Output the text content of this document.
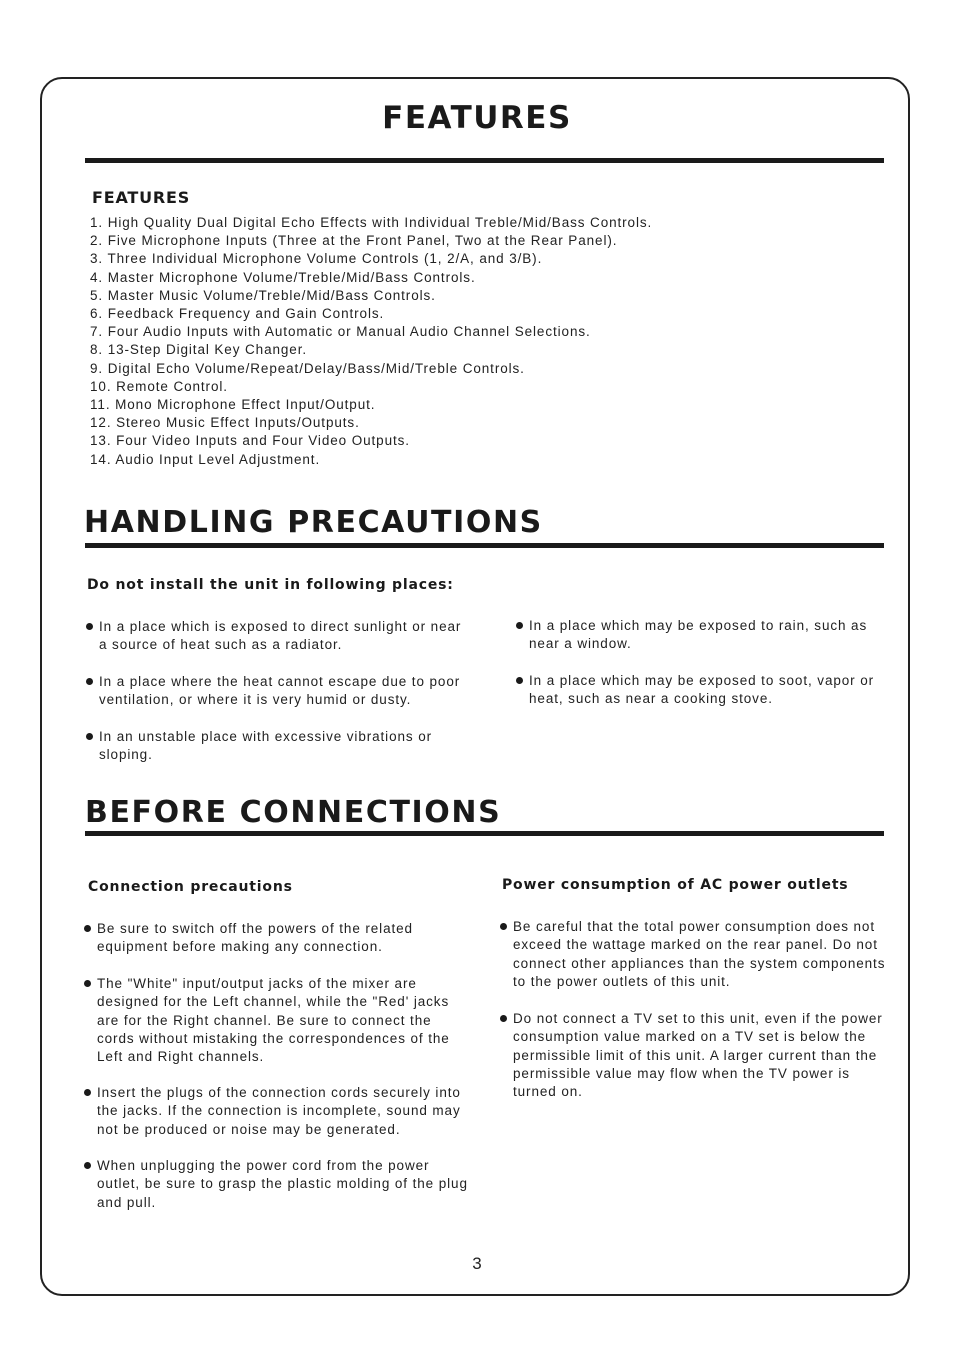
FEATURES
FEATURES
1. High Quality Dual Digital Echo Effects with Individual Treble/Mid/Bass Controls.
2. Five Microphone Inputs (Three at the Front Panel, Two at the Rear Panel).
3. Three Individual Microphone Volume Controls (1, 2/A, and 3/B).
4. Master Microphone Volume/Treble/Mid/Bass Controls.
5. Master Music Volume/Treble/Mid/Bass Controls.
6. Feedback Frequency and Gain Controls.
7. Four Audio Inputs with Automatic or Manual Audio Channel Selections.
8. 13-Step Digital Key Changer.
9. Digital Echo Volume/Repeat/Delay/Bass/Mid/Treble Controls.
10. Remote Control.
11. Mono Microphone Effect Input/Output.
12. Stereo Music Effect Inputs/Outputs.
13. Four Video Inputs and Four Video Outputs.
14. Audio Input Level Adjustment.
HANDLING PRECAUTIONS
Do not install the unit in following places:
In a place which is exposed to direct sunlight or near a source of heat such as a radiator.
In a place where the heat cannot escape due to poor ventilation, or where it is very humid or dusty.
In an unstable place with excessive vibrations or sloping.
In a place which may be exposed to rain, such as near a window.
In a place which may be exposed to soot, vapor or heat, such as near a cooking stove.
BEFORE CONNECTIONS
Connection precautions	Power consumption of AC power outlets
Be sure to switch off the powers of the related equipment before making any connection.
The "White" input/output jacks of the mixer are designed for the Left channel, while the "Red' jacks are for the Right channel. Be sure to connect the cords without mistaking the correspondences of the Left and Right channels.
Insert the plugs of the connection cords securely into the jacks. If the connection is incomplete, sound may not be produced or noise may be generated.
When unplugging the power cord from the power outlet, be sure to grasp the plastic molding of the plug and pull.
Be careful that the total power consumption does not exceed the wattage marked on the rear panel. Do not connect other appliances than the system components to the power outlets of this unit.
Do not connect a TV set to this unit, even if the power consumption value marked on a TV set is below the permissible limit of this unit. A larger current than the permissible value may flow when the TV power is turned on.
3
